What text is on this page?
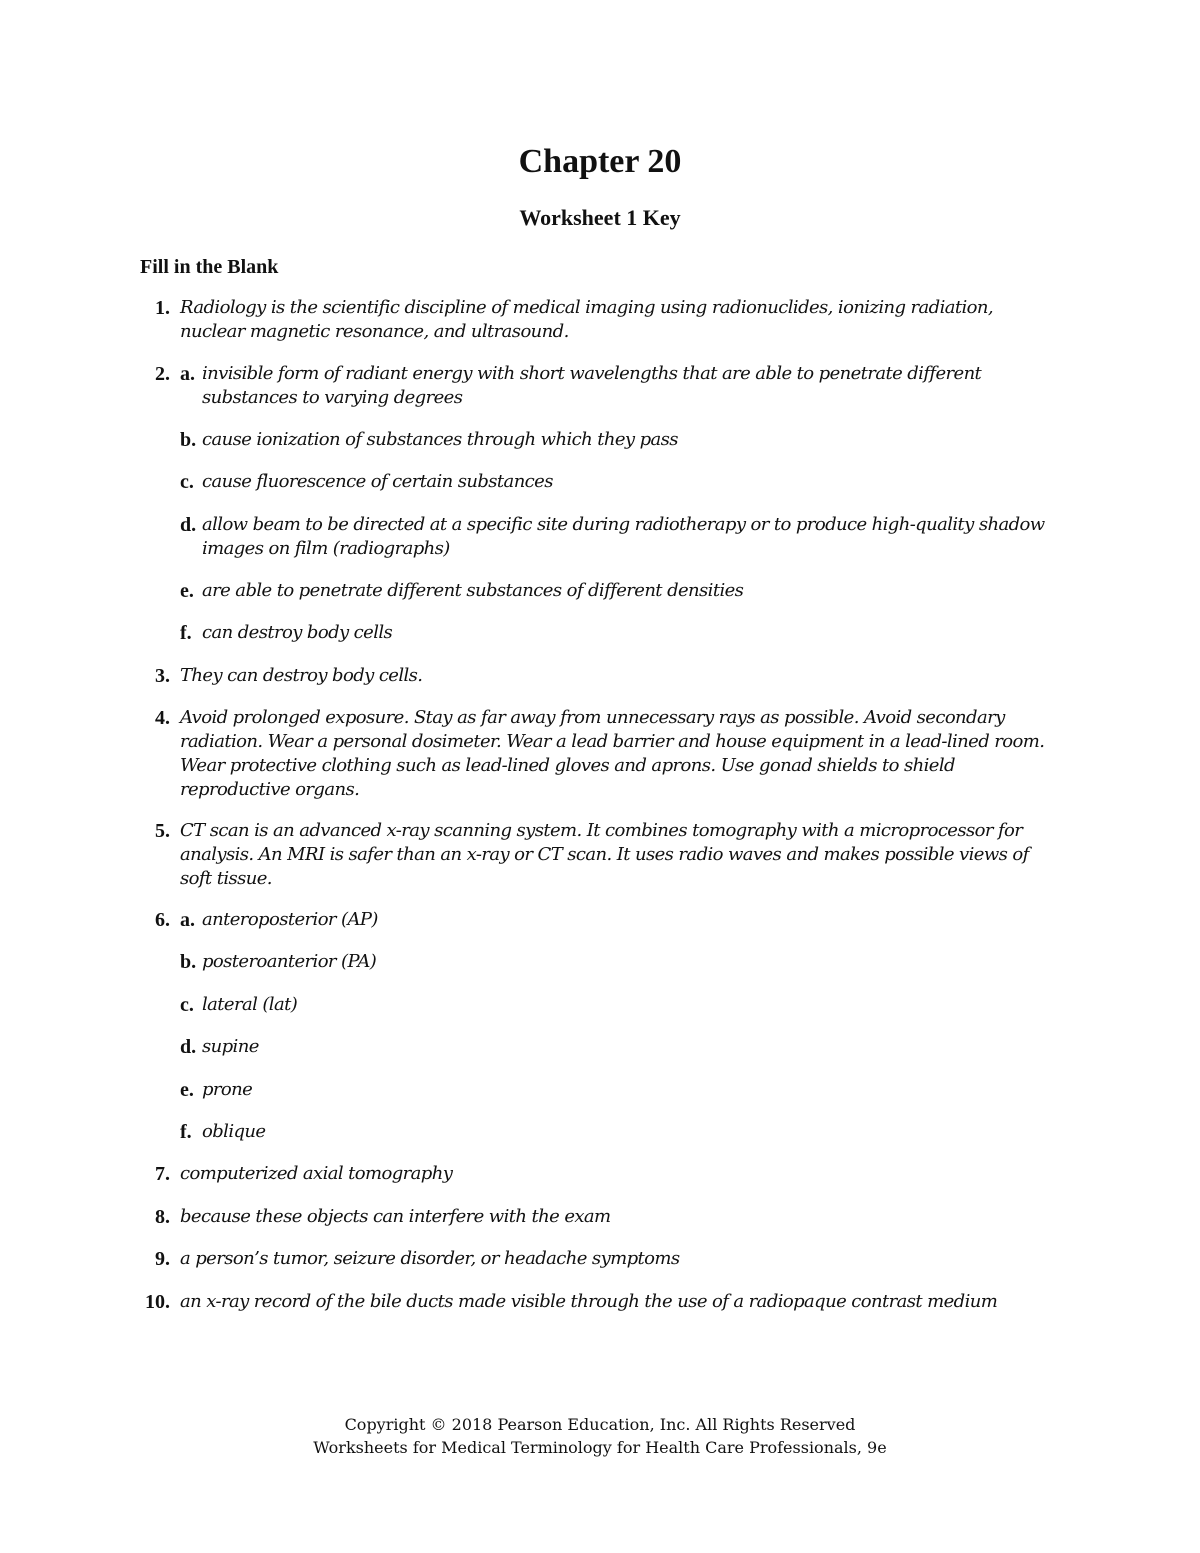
Chapter 20
Worksheet 1 Key
Fill in the Blank
1. Radiology is the scientific discipline of medical imaging using radionuclides, ionizing radiation, nuclear magnetic resonance, and ultrasound.
2. a. invisible form of radiant energy with short wavelengths that are able to penetrate different substances to varying degrees
b. cause ionization of substances through which they pass
c. cause fluorescence of certain substances
d. allow beam to be directed at a specific site during radiotherapy or to produce high-quality shadow images on film (radiographs)
e. are able to penetrate different substances of different densities
f. can destroy body cells
3. They can destroy body cells.
4. Avoid prolonged exposure. Stay as far away from unnecessary rays as possible. Avoid secondary radiation. Wear a personal dosimeter. Wear a lead barrier and house equipment in a lead-lined room. Wear protective clothing such as lead-lined gloves and aprons. Use gonad shields to shield reproductive organs.
5. CT scan is an advanced x-ray scanning system. It combines tomography with a microprocessor for analysis. An MRI is safer than an x-ray or CT scan. It uses radio waves and makes possible views of soft tissue.
6. a. anteroposterior (AP)
b. posteroanterior (PA)
c. lateral (lat)
d. supine
e. prone
f. oblique
7. computerized axial tomography
8. because these objects can interfere with the exam
9. a person’s tumor, seizure disorder, or headache symptoms
10. an x-ray record of the bile ducts made visible through the use of a radiopaque contrast medium
Copyright © 2018 Pearson Education, Inc. All Rights Reserved
Worksheets for Medical Terminology for Health Care Professionals, 9e
